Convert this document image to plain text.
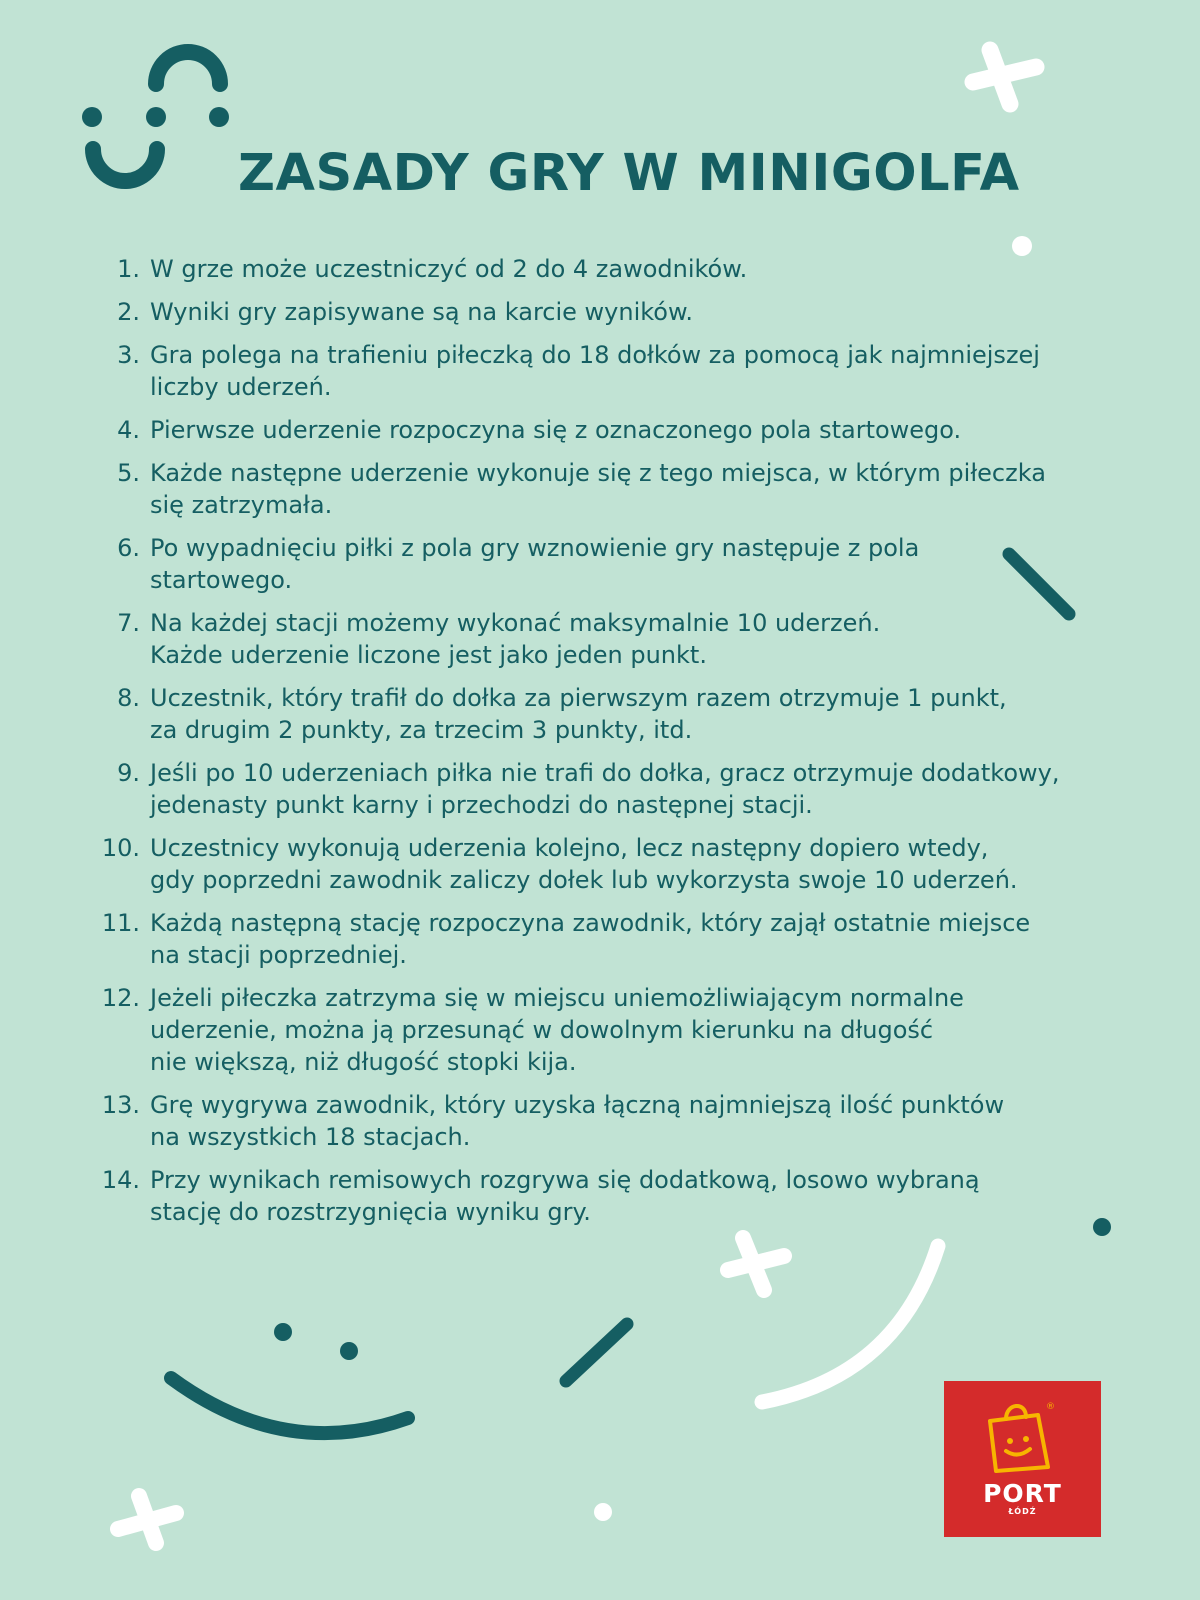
ZASADY GRY W MINIGOLFA
1. W grze może uczestniczyć od 2 do 4 zawodników.
2. Wyniki gry zapisywane są na karcie wyników.
3. Gra polega na trafieniu piłeczką do 18 dołków za pomocą jak najmniejszej
liczby uderzeń.
4. Pierwsze uderzenie rozpoczyna się z oznaczonego pola startowego.
5. Każde następne uderzenie wykonuje się z tego miejsca, w którym piłeczka
się zatrzymała.
6. Po wypadnięciu piłki z pola gry wznowienie gry następuje z pola
startowego.
7. Na każdej stacji możemy wykonać maksymalnie 10 uderzeń.
Każde uderzenie liczone jest jako jeden punkt.
8. Uczestnik, który trafił do dołka za pierwszym razem otrzymuje 1 punkt,
za drugim 2 punkty, za trzecim 3 punkty, itd.
9. Jeśli po 10 uderzeniach piłka nie trafi do dołka, gracz otrzymuje dodatkowy,
jedenasty punkt karny i przechodzi do następnej stacji.
10. Uczestnicy wykonują uderzenia kolejno, lecz następny dopiero wtedy,
gdy poprzedni zawodnik zaliczy dołek lub wykorzysta swoje 10 uderzeń.
11. Każdą następną stację rozpoczyna zawodnik, który zajął ostatnie miejsce
na stacji poprzedniej.
12. Jeżeli piłeczka zatrzyma się w miejscu uniemożliwiającym normalne
uderzenie, można ją przesunąć w dowolnym kierunku na długość
nie większą, niż długość stopki kija.
13. Grę wygrywa zawodnik, który uzyska łączną najmniejszą ilość punktów
na wszystkich 18 stacjach.
14. Przy wynikach remisowych rozgrywa się dodatkową, losowo wybraną
stację do rozstrzygnięcia wyniku gry.
®
PORT
ŁÓDŹ
